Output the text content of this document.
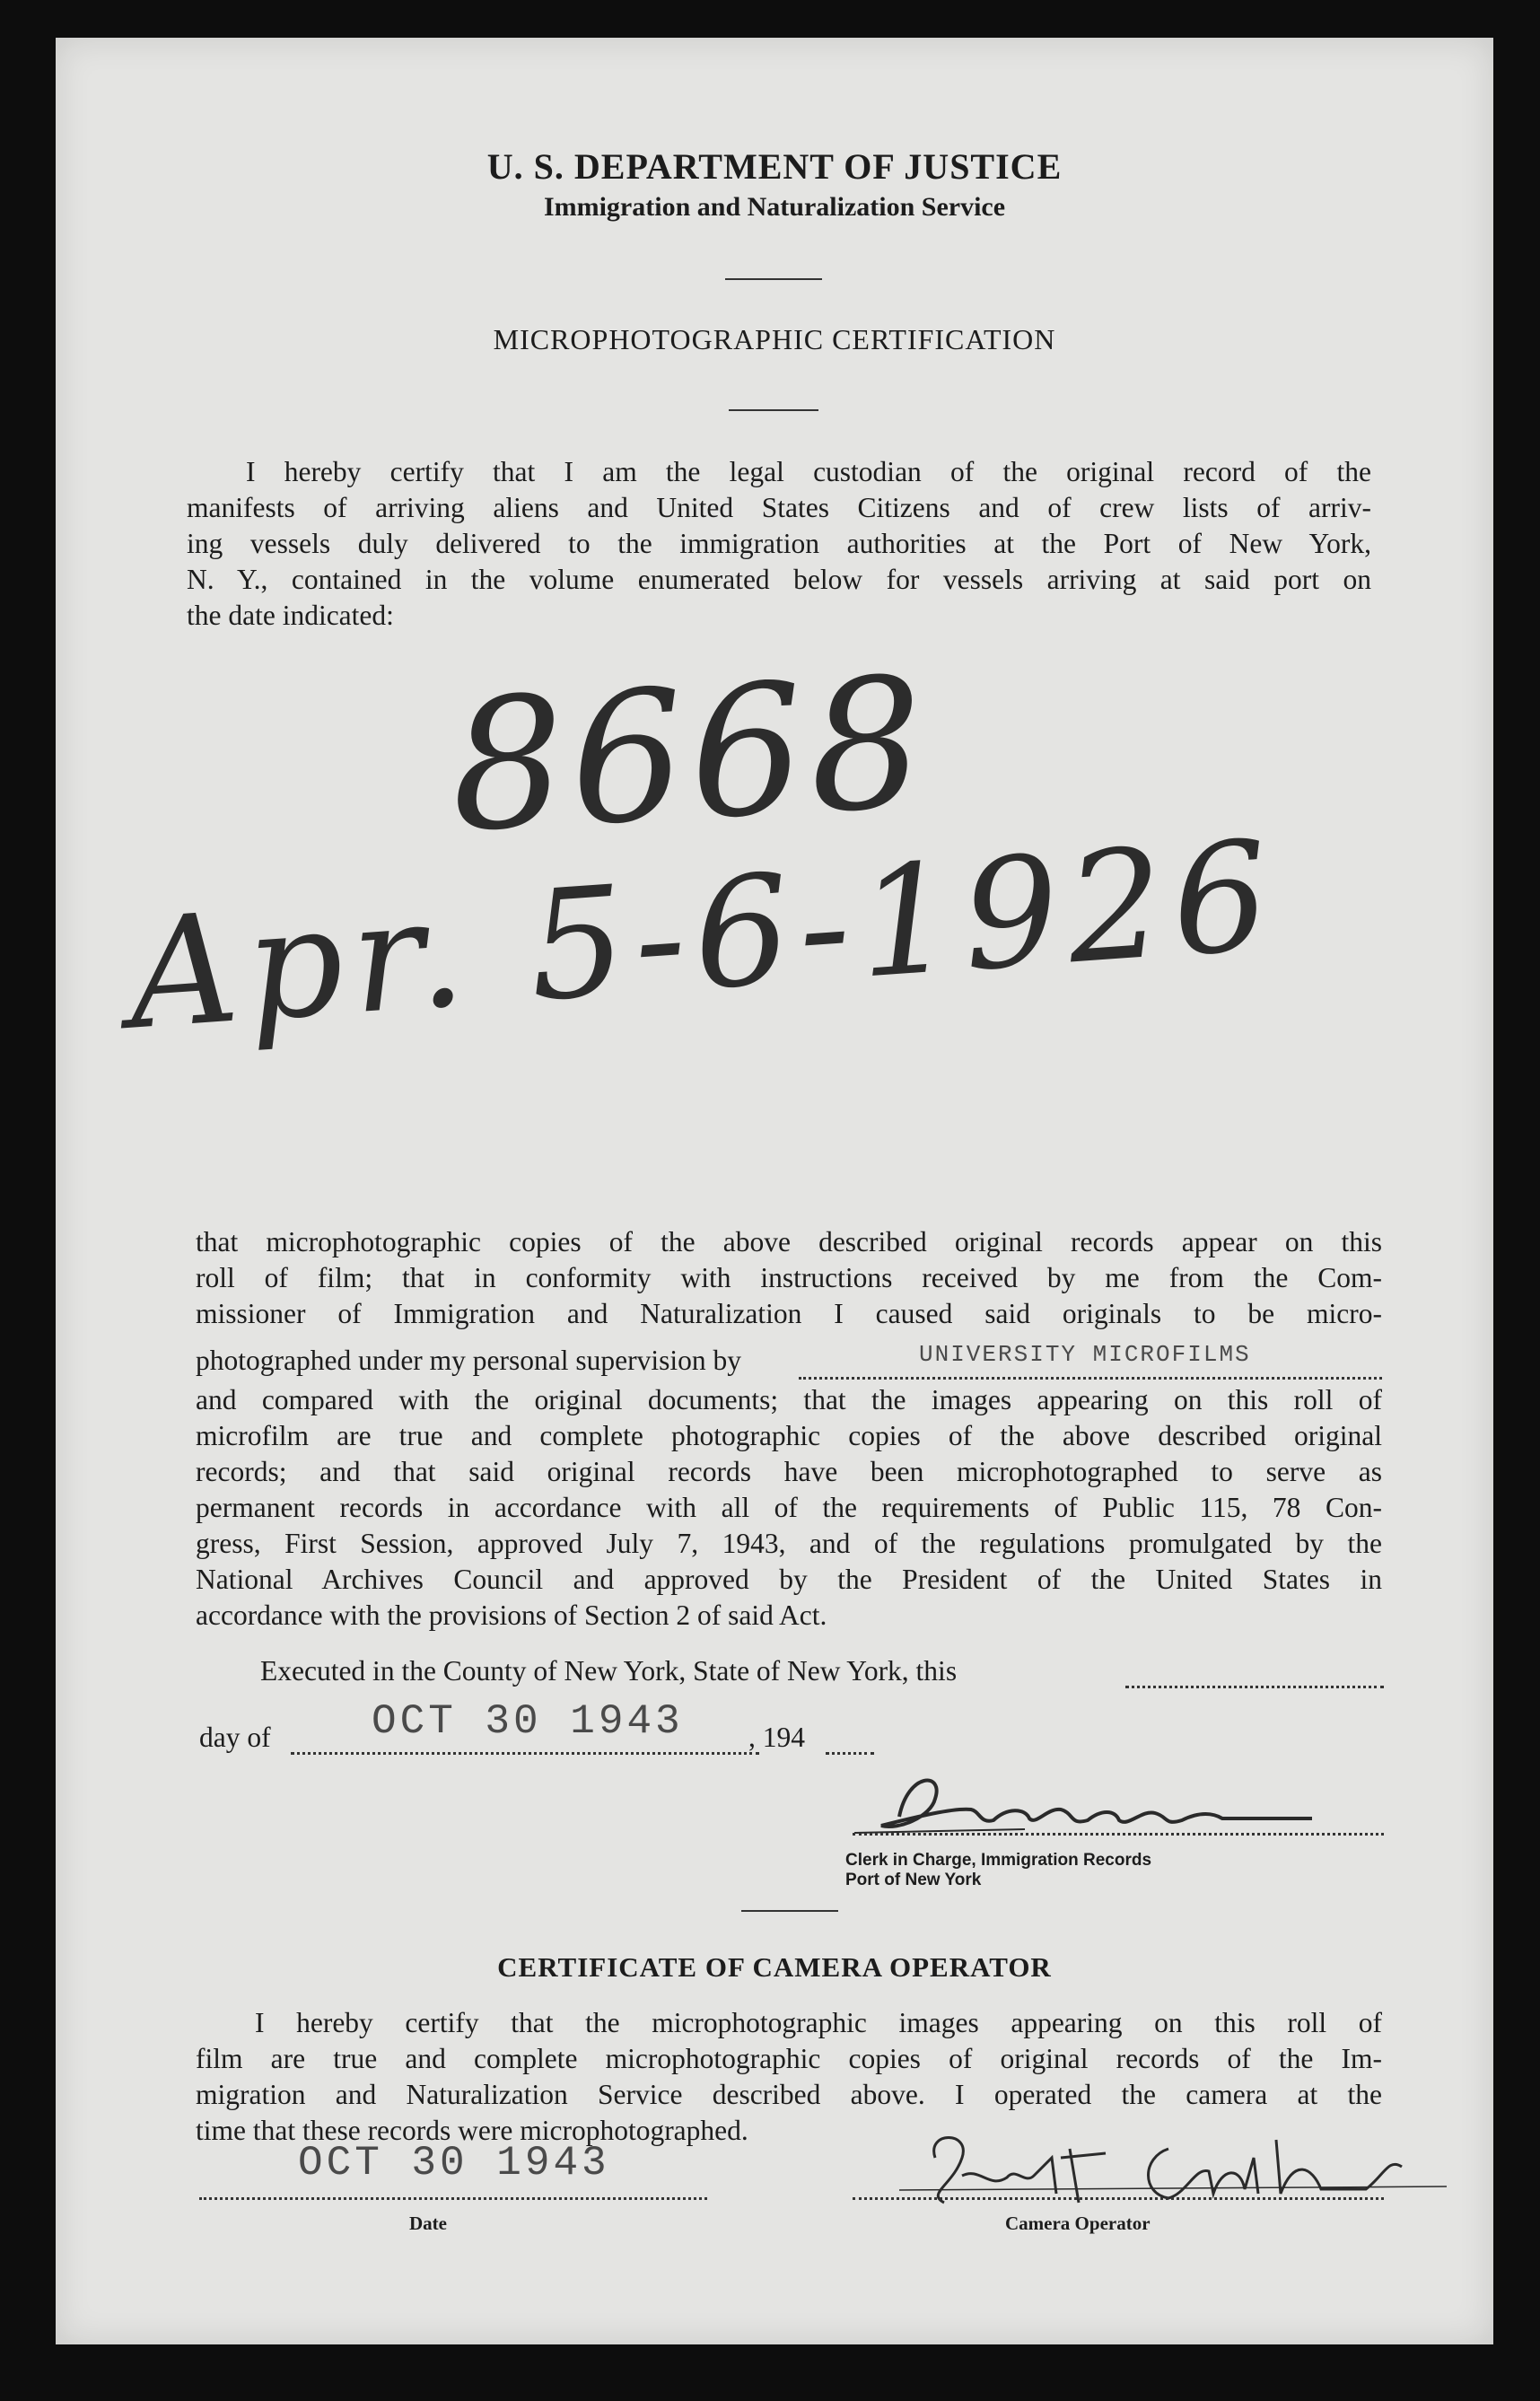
U. S. DEPARTMENT OF JUSTICE
Immigration and Naturalization Service
MICROPHOTOGRAPHIC CERTIFICATION
I hereby certify that I am the legal custodian of the original record of the
manifests of arriving aliens and United States Citizens and of crew lists of arriv-
ing vessels duly delivered to the immigration authorities at the Port of New York,
N. Y., contained in the volume enumerated below for vessels arriving at said port on
the date indicated:
8668
Apr. 5-6-1926
that microphotographic copies of the above described original records appear on this
roll of film; that in conformity with instructions received by me from the Com-
missioner of Immigration and Naturalization I caused said originals to be micro-
photographed under my personal supervision by	UNIVERSITY MICROFILMS
and compared with the original documents; that the images appearing on this roll of
microfilm are true and complete photographic copies of the above described original
records; and that said original records have been microphotographed to serve as
permanent records in accordance with all of the requirements of Public 115, 78 Con-
gress, First Session, approved July 7, 1943, and of the regulations promulgated by the
National Archives Council and approved by the President of the United States in
accordance with the provisions of Section 2 of said Act.
Executed in the County of New York, State of New York, this
day of OCT 30 1943 , 194
Clerk in Charge, Immigration Records
Port of New York
CERTIFICATE OF CAMERA OPERATOR
I hereby certify that the microphotographic images appearing on this roll of
film are true and complete microphotographic copies of original records of the Im-
migration and Naturalization Service described above. I operated the camera at the
time that these records were microphotographed.
OCT 30 1943
Date	Camera Operator
